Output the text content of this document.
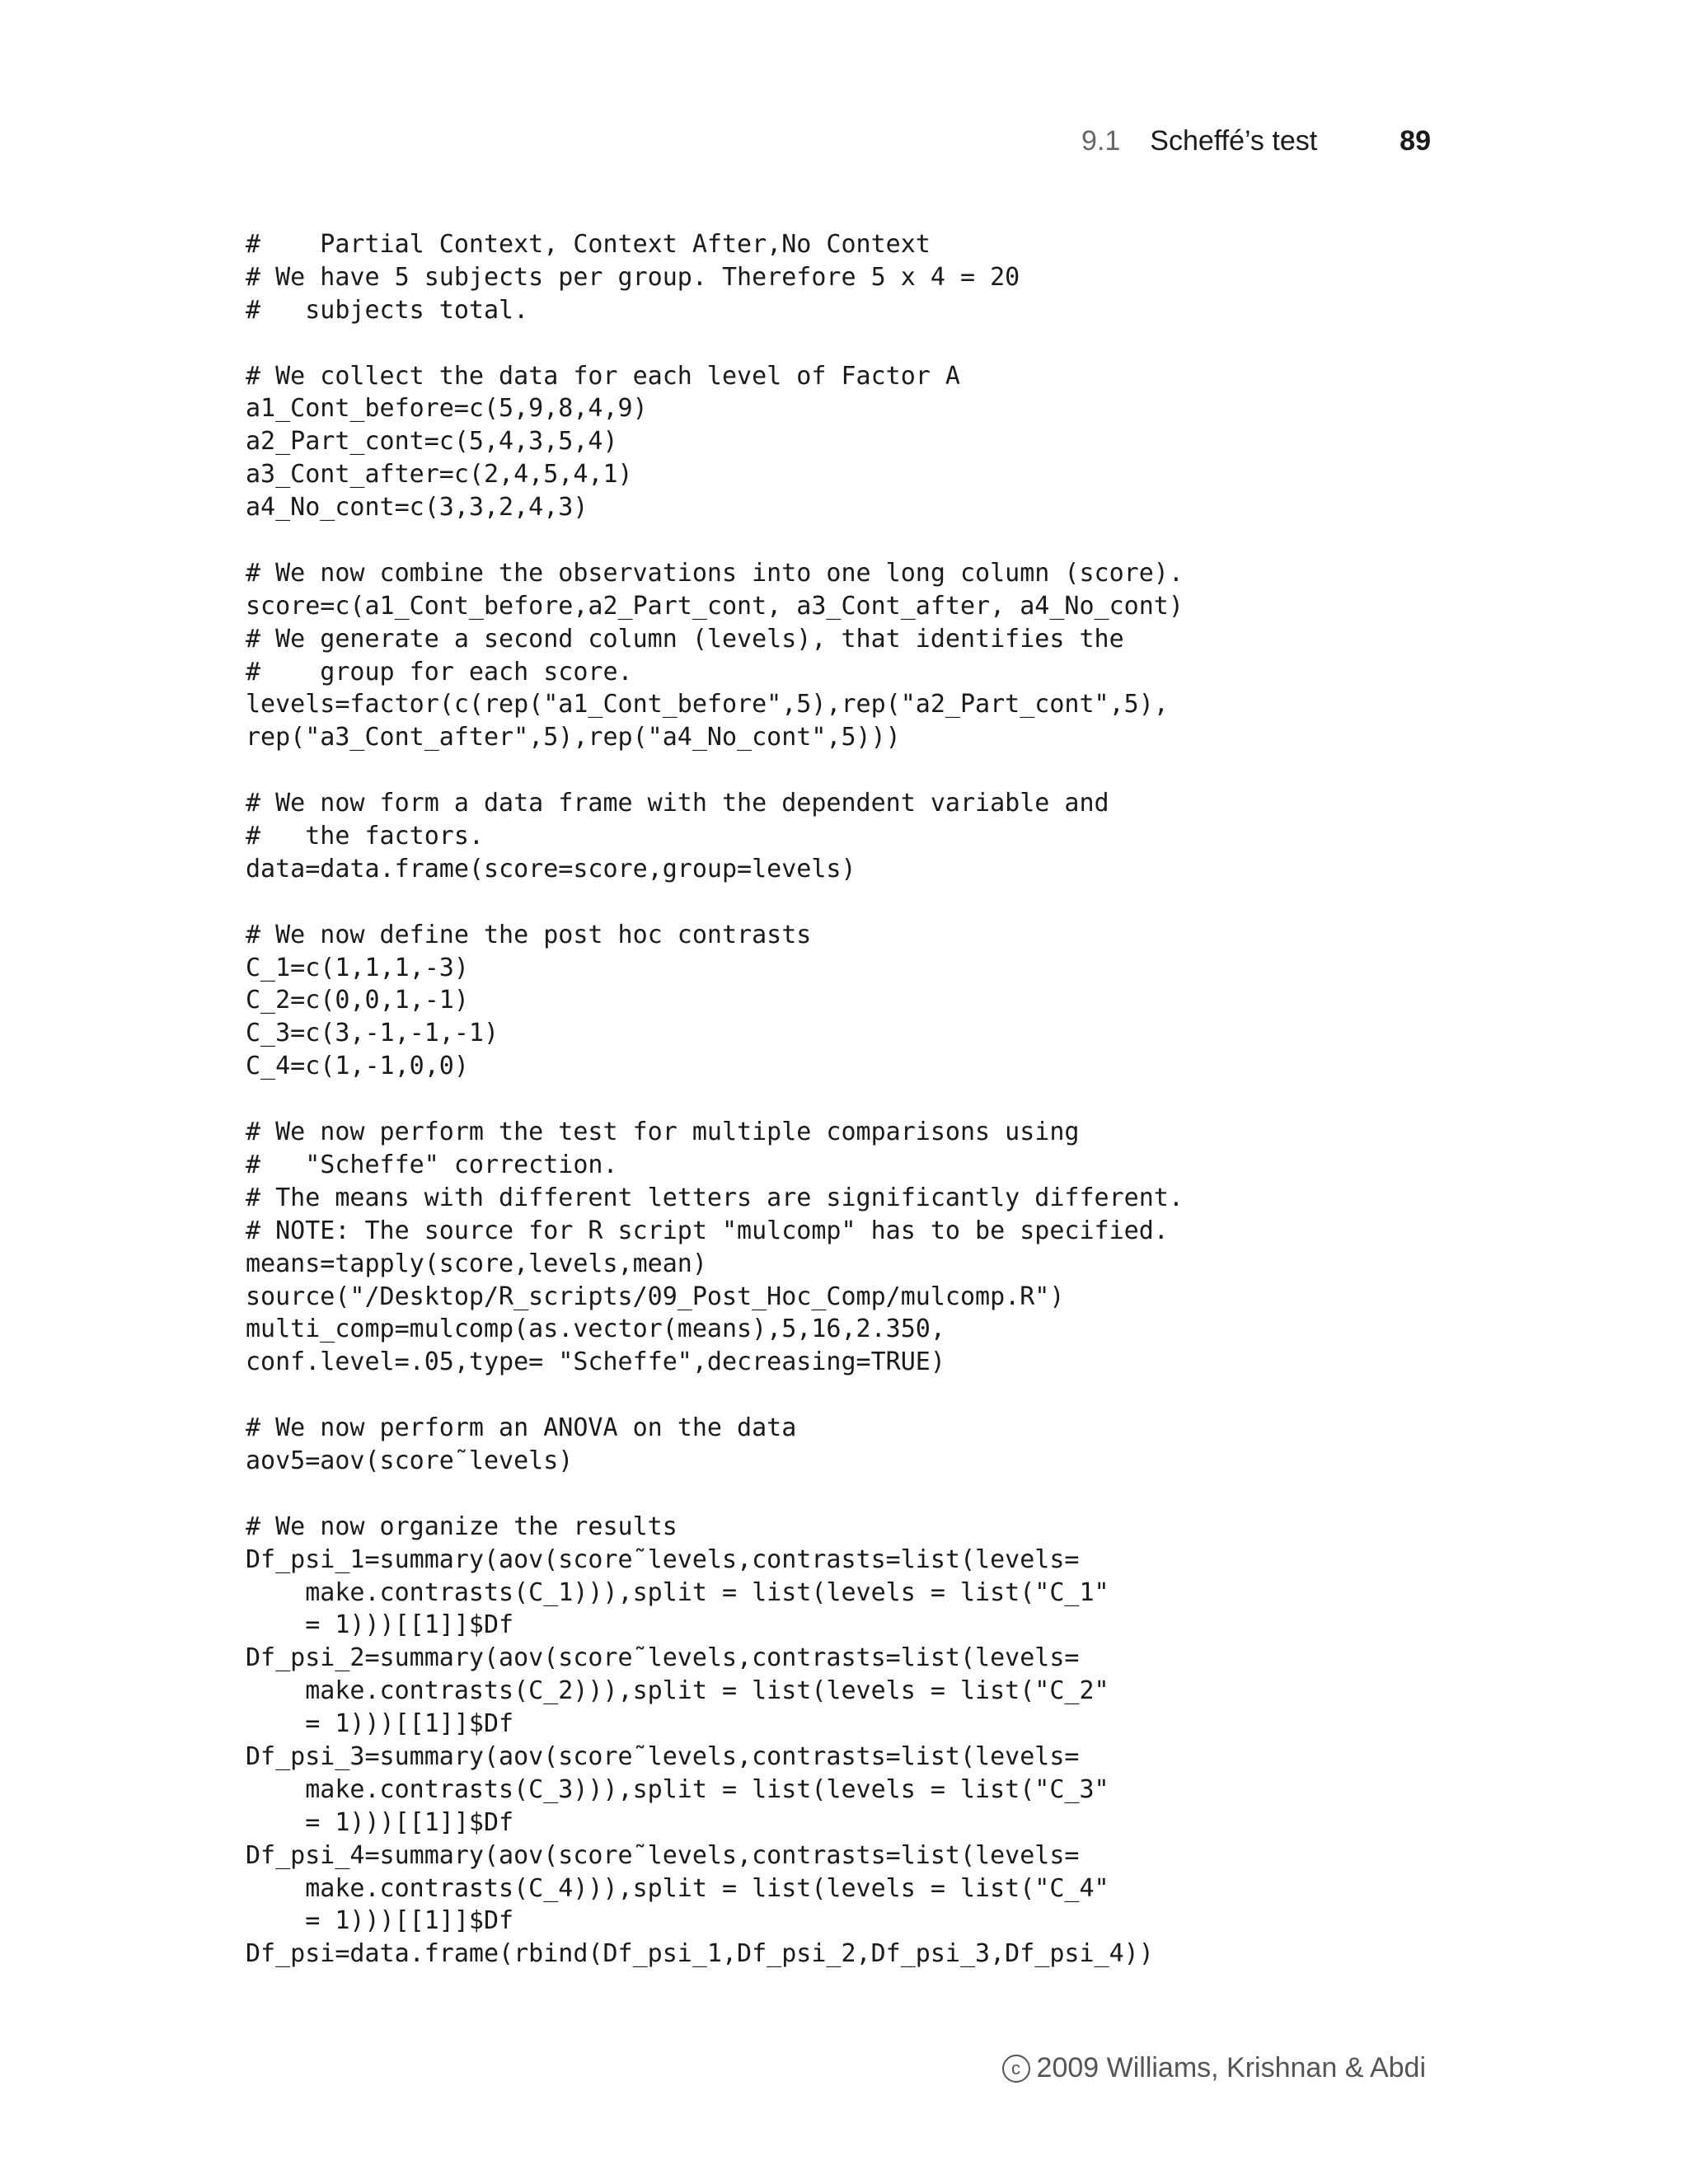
9.1 Scheffé’s test	89
#    Partial Context, Context After,No Context
# We have 5 subjects per group. Therefore 5 x 4 = 20
#   subjects total.
# We collect the data for each level of Factor A
a1_Cont_before=c(5,9,8,4,9)
a2_Part_cont=c(5,4,3,5,4)
a3_Cont_after=c(2,4,5,4,1)
a4_No_cont=c(3,3,2,4,3)
# We now combine the observations into one long column (score).
score=c(a1_Cont_before,a2_Part_cont, a3_Cont_after, a4_No_cont)
# We generate a second column (levels), that identifies the
#    group for each score.
levels=factor(c(rep("a1_Cont_before",5),rep("a2_Part_cont",5),
rep("a3_Cont_after",5),rep("a4_No_cont",5)))
# We now form a data frame with the dependent variable and
#   the factors.
data=data.frame(score=score,group=levels)
# We now define the post hoc contrasts
C_1=c(1,1,1,-3)
C_2=c(0,0,1,-1)
C_3=c(3,-1,-1,-1)
C_4=c(1,-1,0,0)
# We now perform the test for multiple comparisons using
#   "Scheffe" correction.
# The means with different letters are significantly different.
# NOTE: The source for R script "mulcomp" has to be specified.
means=tapply(score,levels,mean)
source("/Desktop/R_scripts/09_Post_Hoc_Comp/mulcomp.R")
multi_comp=mulcomp(as.vector(means),5,16,2.350,
conf.level=.05,type= "Scheffe",decreasing=TRUE)
# We now perform an ANOVA on the data
aov5=aov(score˜levels)
# We now organize the results
Df_psi_1=summary(aov(score˜levels,contrasts=list(levels=
make.contrasts(C_1))),split = list(levels = list("C_1"
= 1)))[[1]]$Df
Df_psi_2=summary(aov(score˜levels,contrasts=list(levels=
make.contrasts(C_2))),split = list(levels = list("C_2"
= 1)))[[1]]$Df
Df_psi_3=summary(aov(score˜levels,contrasts=list(levels=
make.contrasts(C_3))),split = list(levels = list("C_3"
= 1)))[[1]]$Df
Df_psi_4=summary(aov(score˜levels,contrasts=list(levels=
make.contrasts(C_4))),split = list(levels = list("C_4"
= 1)))[[1]]$Df
Df_psi=data.frame(rbind(Df_psi_1,Df_psi_2,Df_psi_3,Df_psi_4))
c 2009 Williams, Krishnan & Abdi
